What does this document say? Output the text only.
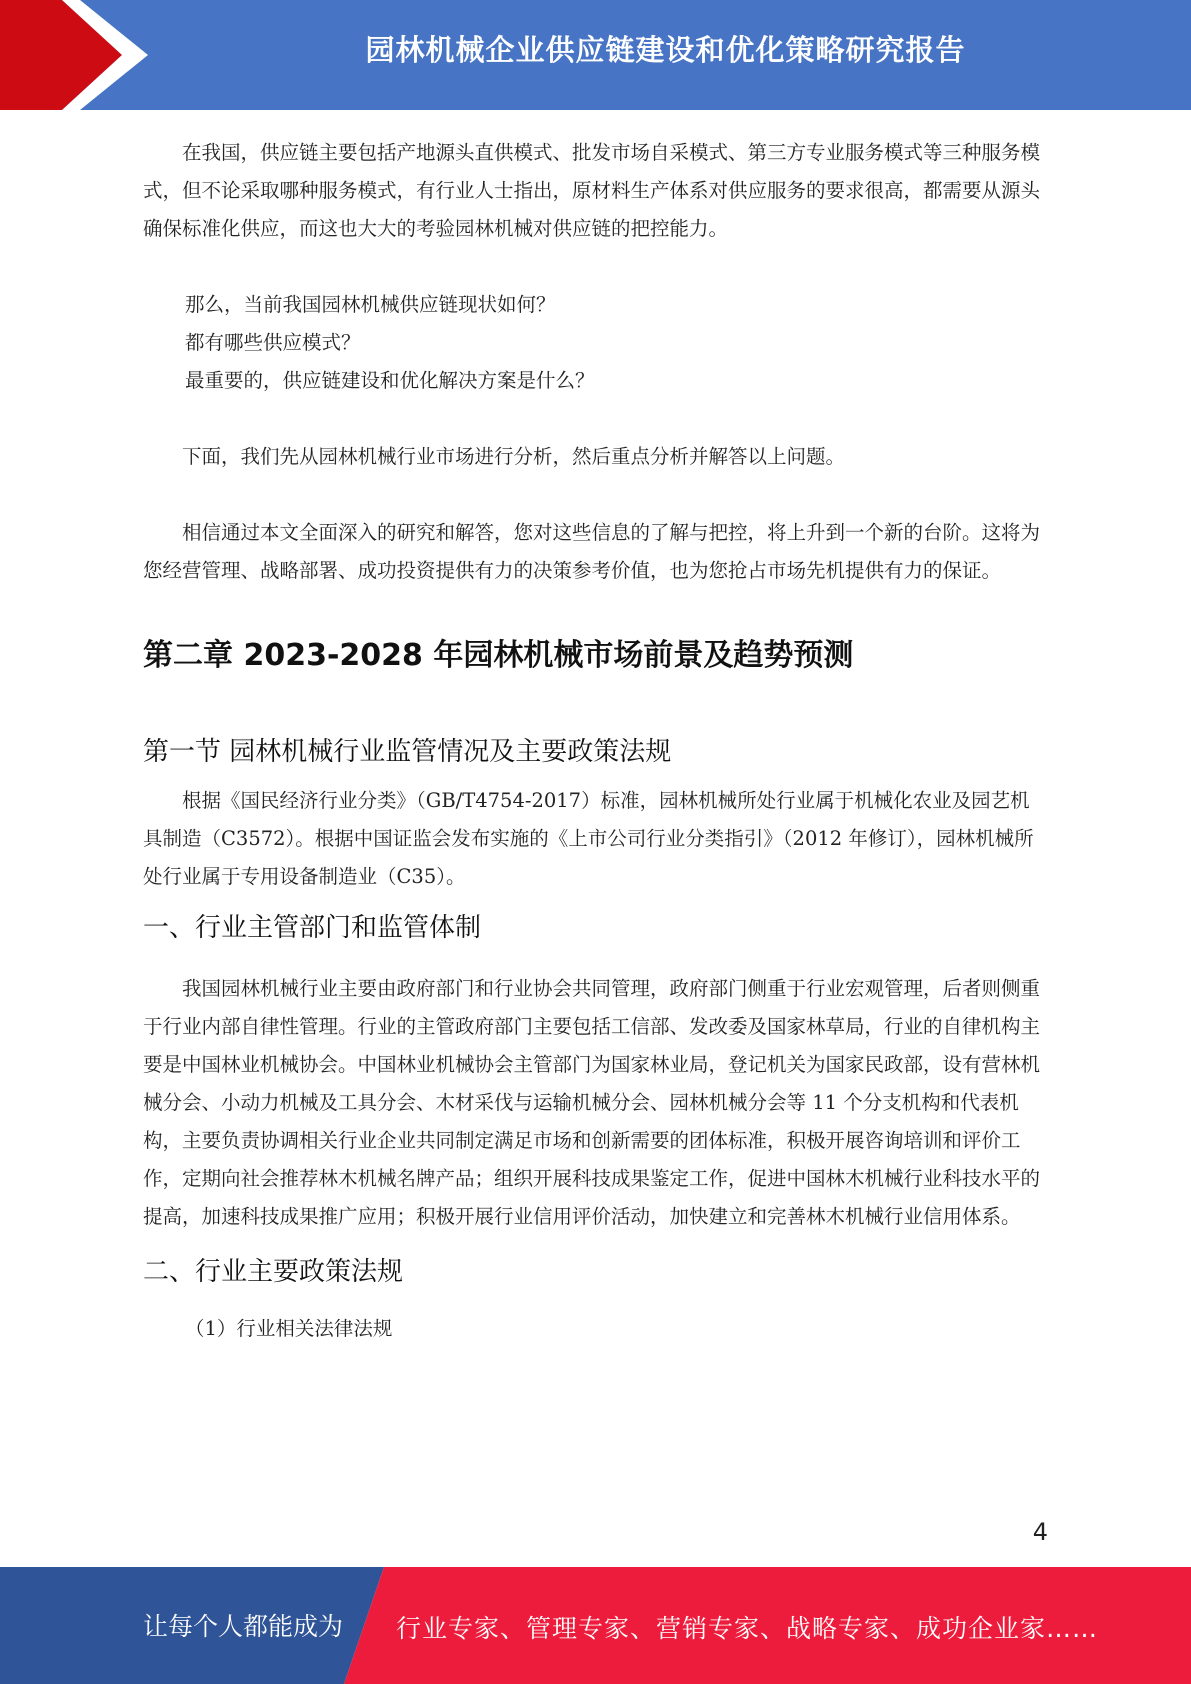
园林机械企业供应链建设和优化策略研究报告

在我国，供应链主要包括产地源头直供模式、批发市场自采模式、第三方专业服务模式等三种服务模式，但不论采取哪种服务模式，有行业人士指出，原材料生产体系对供应服务的要求很高，都需要从源头确保标准化供应，而这也大大的考验园林机械对供应链的把控能力。

那么，当前我国园林机械供应链现状如何？

都有哪些供应模式？

最重要的，供应链建设和优化解决方案是什么？

下面，我们先从园林机械行业市场进行分析，然后重点分析并解答以上问题。

相信通过本文全面深入的研究和解答，您对这些信息的了解与把控，将上升到一个新的台阶。这将为您经营管理、战略部署、成功投资提供有力的决策参考价值，也为您抢占市场先机提供有力的保证。

第二章 2023-2028 年园林机械市场前景及趋势预测
第一节 园林机械行业监管情况及主要政策法规

根据《国民经济行业分类》（GB/T4754-2017）标准，园林机械所处行业属于机械化农业及园艺机具制造（C3572）。根据中国证监会发布实施的《上市公司行业分类指引》（2012 年修订），园林机械所处行业属于专用设备制造业（C35）。

一、行业主管部门和监管体制

我国园林机械行业主要由政府部门和行业协会共同管理，政府部门侧重于行业宏观管理，后者则侧重于行业内部自律性管理。行业的主管政府部门主要包括工信部、发改委及国家林草局，行业的自律机构主要是中国林业机械协会。中国林业机械协会主管部门为国家林业局，登记机关为国家民政部，设有营林机械分会、小动力机械及工具分会、木材采伐与运输机械分会、园林机械分会等 11 个分支机构和代表机构，主要负责协调相关行业企业共同制定满足市场和创新需要的团体标准，积极开展咨询培训和评价工作，定期向社会推荐林木机械名牌产品；组织开展科技成果鉴定工作，促进中国林木机械行业科技水平的提高，加速科技成果推广应用；积极开展行业信用评价活动，加快建立和完善林木机械行业信用体系。

二、行业主要政策法规

（1）行业相关法律法规

4
让每个人都能成为 行业专家、管理专家、营销专家、战略专家、成功企业家……
